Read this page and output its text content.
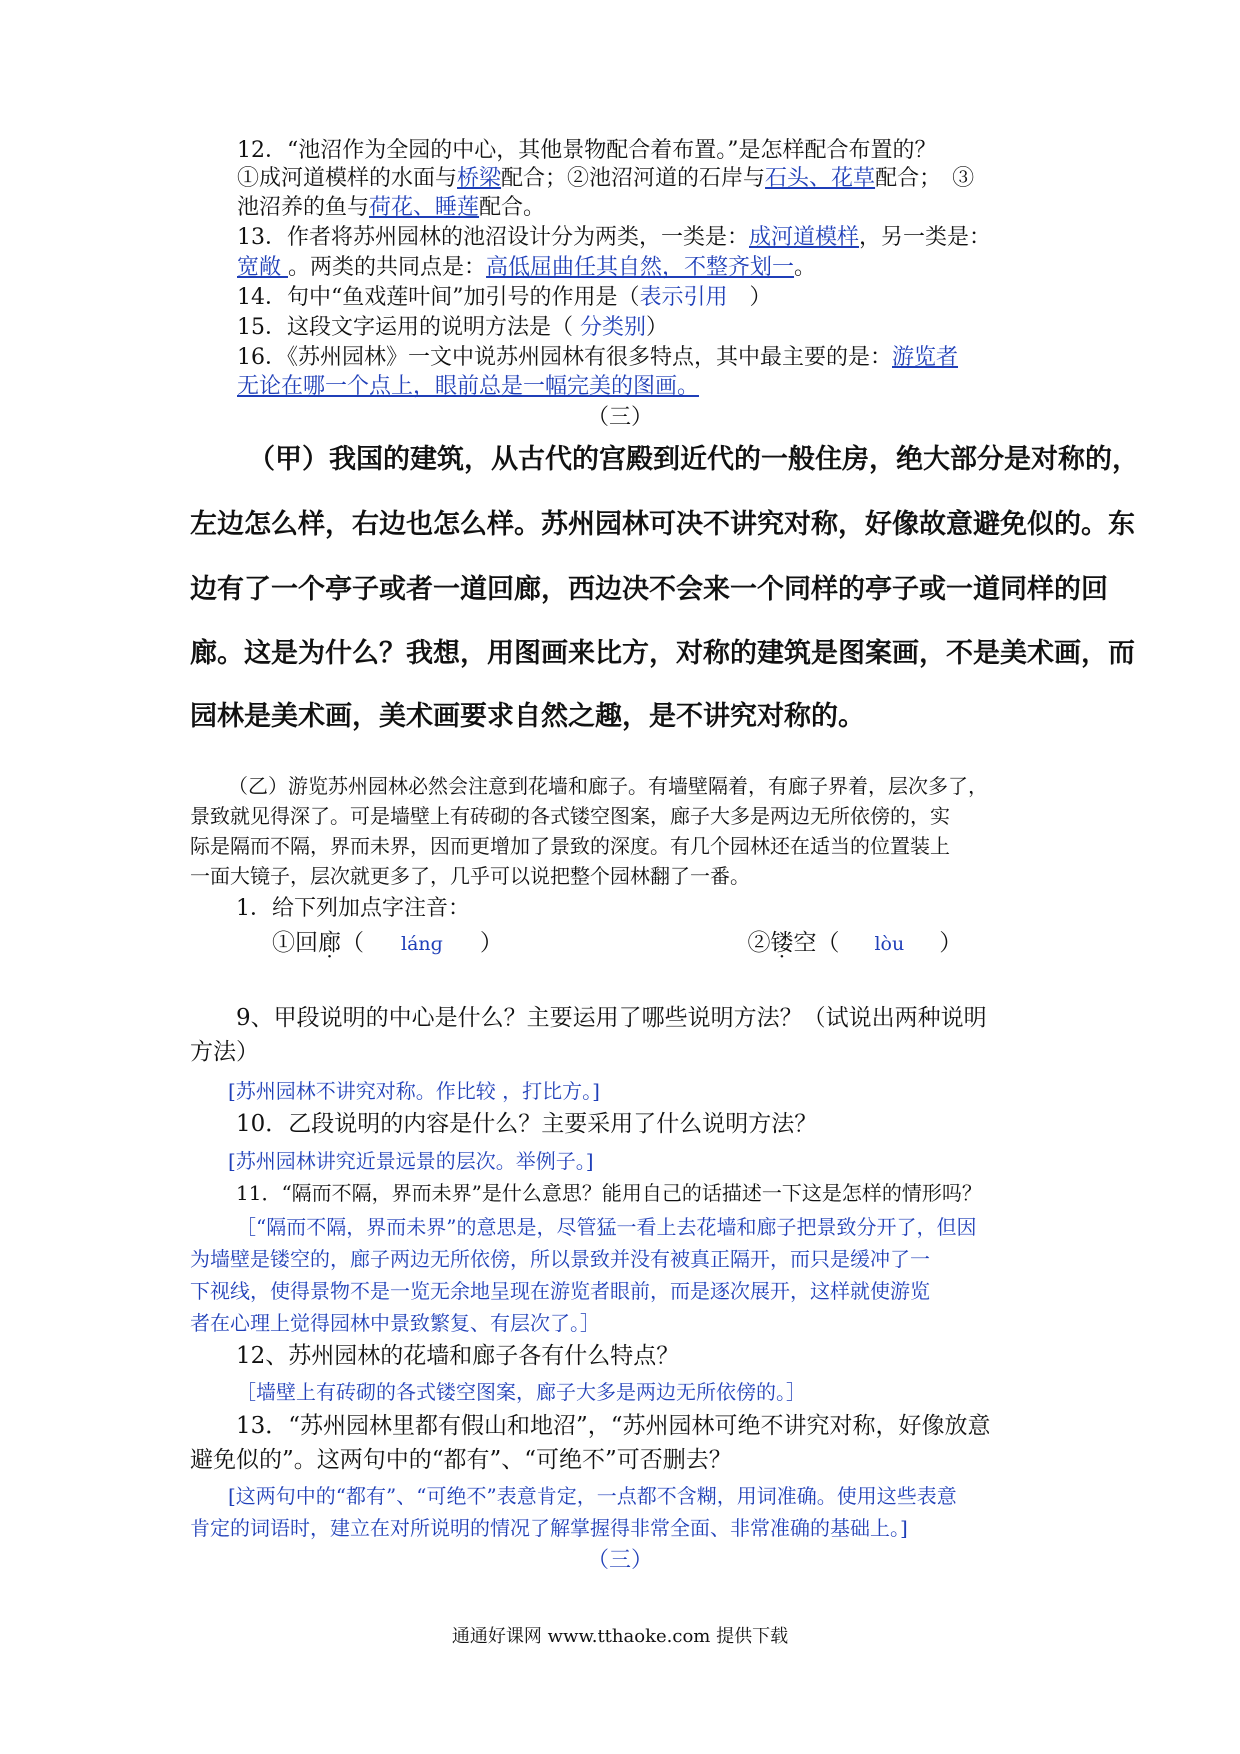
12．“池沼作为全园的中心，其他景物配合着布置。”是怎样配合布置的？
①成河道模样的水面与桥梁配合；②池沼河道的石岸与石头、花草配合；　③
池沼养的鱼与荷花、睡莲配合。
13．作者将苏州园林的池沼设计分为两类，一类是：成河道模样，另一类是：
宽敞 。两类的共同点是：高低屈曲任其自然，不整齐划一。
14．句中“鱼戏莲叶间”加引号的作用是（表示引用　）
15．这段文字运用的说明方法是（ 分类别）
16．《苏州园林》一文中说苏州园林有很多特点，其中最主要的是：游览者
无论在哪一个点上，眼前总是一幅完美的图画。
（三）
（甲）我国的建筑，从古代的宫殿到近代的一般住房，绝大部分是对称的，
左边怎么样，右边也怎么样。苏州园林可决不讲究对称，好像故意避免似的。东
边有了一个亭子或者一道回廊，西边决不会来一个同样的亭子或一道同样的回
廊。这是为什么？我想，用图画来比方，对称的建筑是图案画，不是美术画，而
园林是美术画，美术画要求自然之趣，是不讲究对称的。
（乙）游览苏州园林必然会注意到花墙和廊子。有墙壁隔着，有廊子界着，层次多了，
景致就见得深了。可是墙壁上有砖砌的各式镂空图案，廊子大多是两边无所依傍的，实
际是隔而不隔，界而未界，因而更增加了景致的深度。有几个园林还在适当的位置装上
一面大镜子，层次就更多了，几乎可以说把整个园林翻了一番。
1．给下列加点字注音：
①回廊（　lánɡ　）	②镂空（　lòu　）
9、甲段说明的中心是什么？主要运用了哪些说明方法？（试说出两种说明
方法）
[苏州园林不讲究对称。作比较 ，打比方。]
10．乙段说明的内容是什么？主要采用了什么说明方法？
[苏州园林讲究近景远景的层次。举例子。]
11．“隔而不隔，界而未界”是什么意思？能用自己的话描述一下这是怎样的情形吗？
［“隔而不隔，界而未界”的意思是，尽管猛一看上去花墙和廊子把景致分开了，但因
为墙壁是镂空的，廊子两边无所依傍，所以景致并没有被真正隔开，而只是缓冲了一
下视线，使得景物不是一览无余地呈现在游览者眼前，而是逐次展开，这样就使游览
者在心理上觉得园林中景致繁复、有层次了。］
12、苏州园林的花墙和廊子各有什么特点？
［墙壁上有砖砌的各式镂空图案，廊子大多是两边无所依傍的。］
13．“苏州园林里都有假山和地沼”，“苏州园林可绝不讲究对称，好像放意
避免似的”。这两句中的“都有”、“可绝不”可否删去？
[这两句中的“都有”、“可绝不”表意肯定，一点都不含糊，用词准确。使用这些表意
肯定的词语时，建立在对所说明的情况了解掌握得非常全面、非常准确的基础上。]
（三）
通通好课网 www.tthaoke.com 提供下载
